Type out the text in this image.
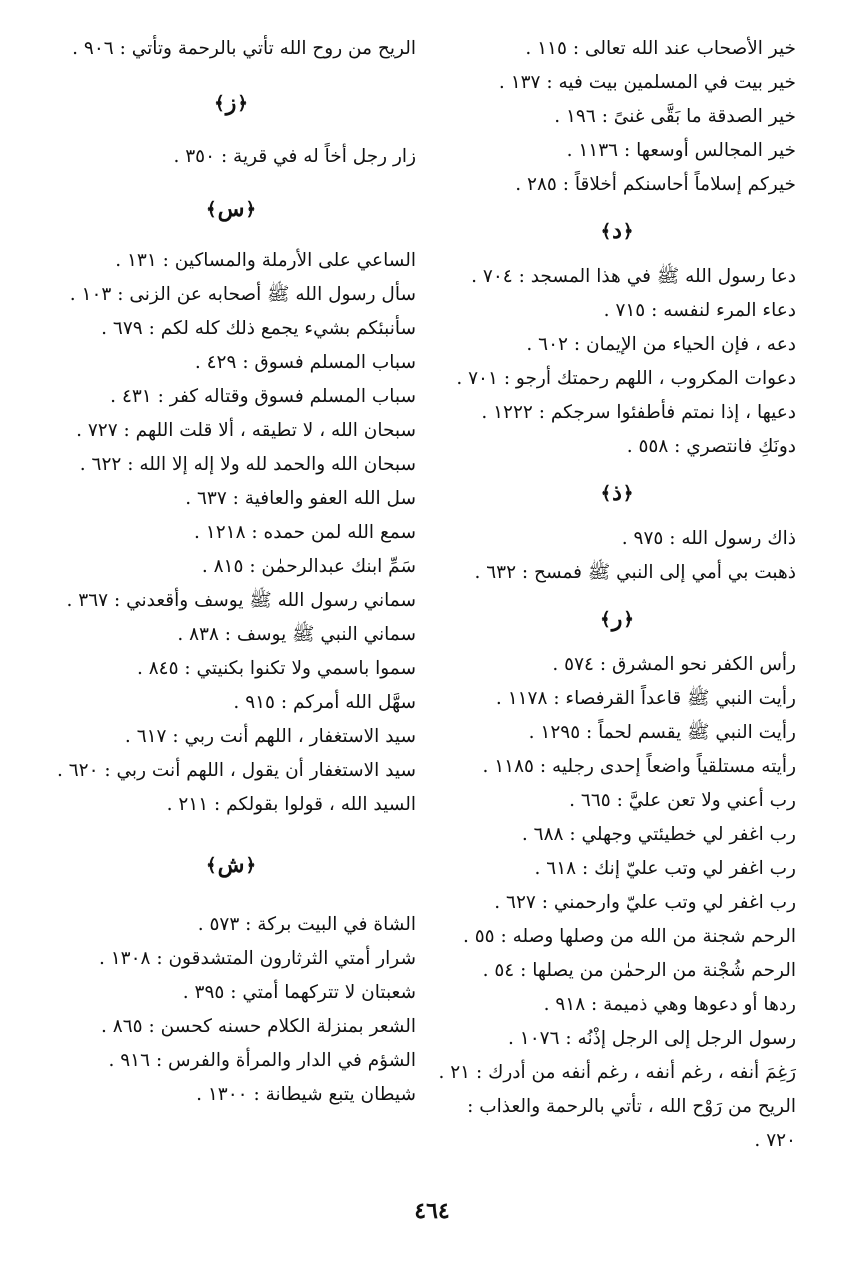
خير الأصحاب عند الله تعالى : ١١٥ .
خير بيت في المسلمين بيت فيه : ١٣٧ .
خير الصدقة ما بَقَّى غنىً : ١٩٦ .
خير المجالس أوسعها : ١١٣٦ .
خيركم إسلاماً أحاسنكم أخلاقاً : ٢٨٥ .
﴿
د
﴾
دعا رسول الله ﷺ في هذا المسجد : ٧٠٤ .
دعاء المرء لنفسه : ٧١٥ .
دعه ، فإن الحياء من الإيمان : ٦٠٢ .
دعوات المكروب ، اللهم رحمتك أرجو : ٧٠١ .
دعيها ، إذا نمتم فأطفئوا سرجكم : ١٢٢٢ .
دونَكِ فانتصري : ٥٥٨ .
﴿
ذ
﴾
ذاك رسول الله : ٩٧٥ .
ذهبت بي أمي إلى النبي ﷺ فمسح : ٦٣٢ .
﴿
ر
﴾
رأس الكفر نحو المشرق : ٥٧٤ .
رأيت النبي ﷺ قاعداً القرفصاء : ١١٧٨ .
رأيت النبي ﷺ يقسم لحماً : ١٢٩٥ .
رأيته مستلقياً واضعاً إحدى رجليه : ١١٨٥ .
رب أعني ولا تعن عليَّ : ٦٦٥ .
رب اغفر لي خطيئتي وجهلي : ٦٨٨ .
رب اغفر لي وتب عليّ إنك : ٦١٨ .
رب اغفر لي وتب عليّ وارحمني : ٦٢٧ .
الرحم شجنة من الله من وصلها وصله : ٥٥ .
الرحم شُجْنة من الرحمٰن من يصلها : ٥٤ .
ردها أو دعوها وهي ذميمة : ٩١٨ .
رسول الرجل إلى الرجل إذْنُه : ١٠٧٦ .
رَغِمَ أنفه ، رغم أنفه ، رغم أنفه من أدرك : ٢١ .
الريح من رَوْح الله ، تأتي بالرحمة والعذاب : ٧٢٠ .
الريح من روح الله تأتي بالرحمة وتأتي : ٩٠٦ .
﴿
ز
﴾
زار رجل أخاً له في قرية : ٣٥٠ .
﴿
س
﴾
الساعي على الأرملة والمساكين : ١٣١ .
سأل رسول الله ﷺ أصحابه عن الزنى : ١٠٣ .
سأنبئكم بشيء يجمع ذلك كله لكم : ٦٧٩ .
سباب المسلم فسوق : ٤٢٩ .
سباب المسلم فسوق وقتاله كفر : ٤٣١ .
سبحان الله ، لا تطيقه ، ألا قلت اللهم : ٧٢٧ .
سبحان الله والحمد لله ولا إله إلا الله : ٦٢٢ .
سل الله العفو والعافية : ٦٣٧ .
سمع الله لمن حمده : ١٢١٨ .
سَمِّ ابنك عبدالرحمٰن : ٨١٥ .
سماني رسول الله ﷺ يوسف وأقعدني : ٣٦٧ .
سماني النبي ﷺ يوسف : ٨٣٨ .
سموا باسمي ولا تكنوا بكنيتي : ٨٤٥ .
سهَّل الله أمركم : ٩١٥ .
سيد الاستغفار ، اللهم أنت ربي : ٦١٧ .
سيد الاستغفار أن يقول ، اللهم أنت ربي : ٦٢٠ .
السيد الله ، قولوا بقولكم : ٢١١ .
﴿
ش
﴾
الشاة في البيت بركة : ٥٧٣ .
شرار أمتي الثرثارون المتشدقون : ١٣٠٨ .
شعبتان لا تتركهما أمتي : ٣٩٥ .
الشعر بمنزلة الكلام حسنه كحسن : ٨٦٥ .
الشؤم في الدار والمرأة والفرس : ٩١٦ .
شيطان يتبع شيطانة : ١٣٠٠ .
٤٦٤
